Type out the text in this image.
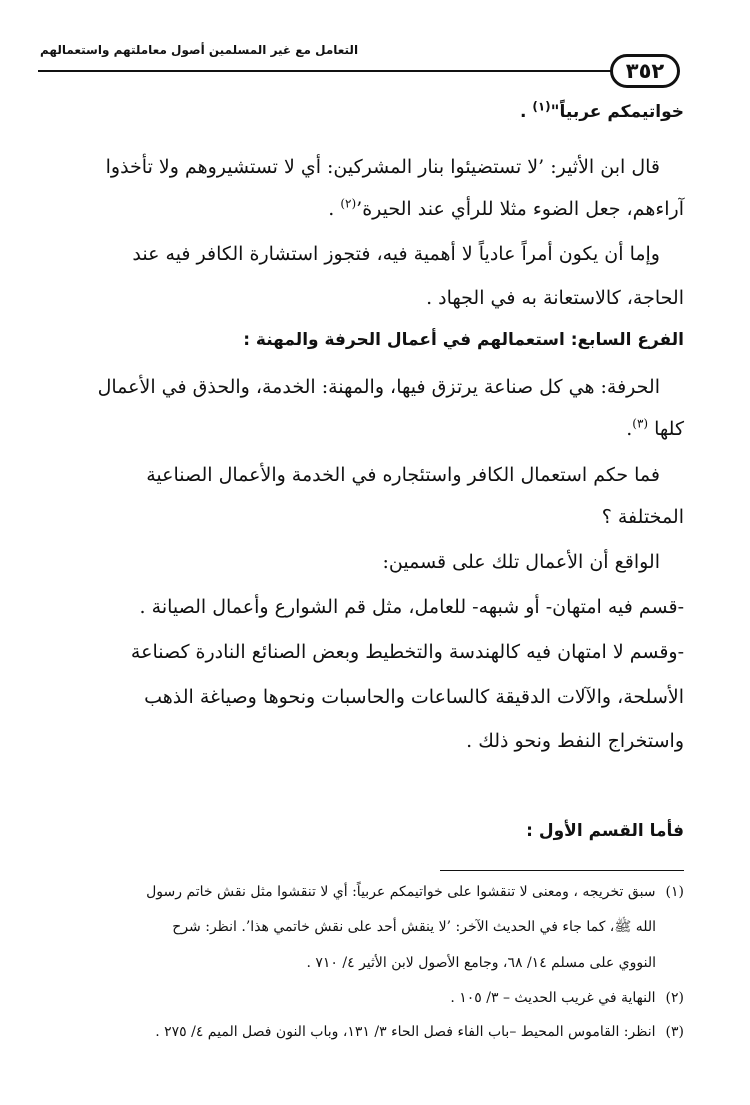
التعامل مع غير المسلمين أصول معاملتهم واستعمالهم
٣٥٢
خواتيمكم عربياً"$^{(١)}$ .
قال ابن الأثير: ’لا تستضيئوا بنار المشركين: أي لا تستشيروهم ولا تأخذوا
آراءهم، جعل الضوء مثلا للرأي عند الحيرة’$^{(٢)}$ .
وإما أن يكون أمراً عادياً لا أهمية فيه، فتجوز استشارة الكافر فيه عند
الحاجة، كالاستعانة به في الجهاد .
الفرع السابع: استعمالهم في أعمال الحرفة والمهنة :
الحرفة: هي كل صناعة يرتزق فيها، والمهنة: الخدمة، والحذق في الأعمال
كلها $^{(٣)}$.
فما حكم استعمال الكافر واستئجاره في الخدمة والأعمال الصناعية
المختلفة ؟
الواقع أن الأعمال تلك على قسمين:
-قسم فيه امتهان- أو شبهه- للعامل، مثل قم الشوارع وأعمال الصيانة .
-وقسم لا امتهان فيه كالهندسة والتخطيط وبعض الصنائع النادرة كصناعة
الأسلحة، والآلات الدقيقة كالساعات والحاسبات ونحوها وصياغة الذهب
واستخراج النفط ونحو ذلك .
فأما القسم الأول :
(١)سبق تخريجه ، ومعنى لا تنقشوا على خواتيمكم عربياً: أي لا تنقشوا مثل نقش خاتم رسول
الله ﷺ، كما جاء في الحديث الآخر: ’لا ينقش أحد على نقش خاتمي هذا’. انظر: شرح
النووي على مسلم ١٤/ ٦٨، وجامع الأصول لابن الأثير ٤/ ٧١٠ .
(٢)النهاية في غريب الحديث – ٣/ ١٠٥ .
(٣)انظر: القاموس المحيط –باب الفاء فصل الحاء ٣/ ١٣١، وباب النون فصل الميم ٤/ ٢٧٥ .
